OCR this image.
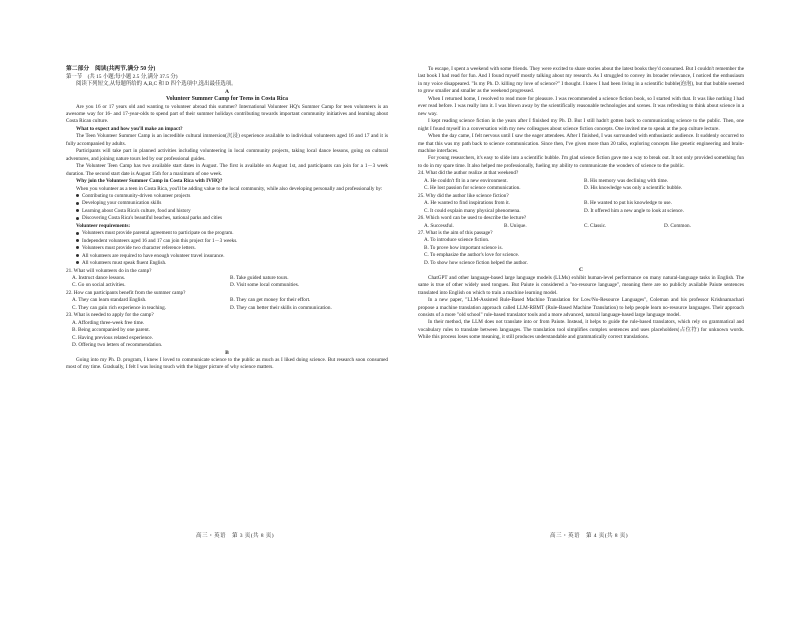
第二部分　阅读(共两节,满分 50 分)

第一节　(共 15 小题;每小题 2.5 分,满分 37.5 分)

阅读下列短文,从每题所给的 A,B,C 和 D 四个选项中,选出最佳选项。

A

Volunteer Summer Camp for Teens in Costa Rica

Are you 16 or 17 years old and wanting to volunteer abroad this summer? International Volunteer HQ's Summer Camp for teen volunteers is an awesome way for 16- and 17-year-olds to spend part of their summer holidays contributing towards important community initiatives and learning about Costa Rican culture.

What to expect and how you'll make an impact?

The Teen Volunteer Summer Camp is an incredible cultural immersion(沉浸) experience available to individual volunteers aged 16 and 17 and it is fully accompanied by adults.

Participants will take part in planned activities including volunteering in local community projects, taking local dance lessons, going on cultural adventures, and joining nature tours led by our professional guides.

The Volunteer Teen Camp has two available start dates in August. The first is available on August 1st, and participants can join for a 1－3 week duration. The second start date is August 15th for a maximum of one week.

Why join the Volunteer Summer Camp in Costa Rica with IVHQ?

When you volunteer as a teen in Costa Rica, you'll be adding value to the local community, while also developing personally and professionally by:

Contributing to community-driven volunteer projects
Developing your communication skills
Learning about Costa Rica's culture, food and history
Discovering Costa Rica's beautiful beaches, national parks and cities

Volunteer requirements:

Volunteers must provide parental agreement to participate on the program.
Independent volunteers aged 16 and 17 can join this project for 1－3 weeks.
Volunteers must provide two character reference letters.
All volunteers are required to have enough volunteer travel insurance.
All volunteers must speak fluent English.

21. What will volunteers do in the camp?

A. Instruct dance lessons.	B. Take guided nature tours.
C. Go on social activities.	D. Visit some local communities.

22. How can participants benefit from the summer camp?

A. They can learn standard English.	B. They can get money for their effort.
C. They can gain rich experience in teaching.	D. They can better their skills in communication.

23. What is needed to apply for the camp?

A. Affording three-week free time.

B. Being accompanied by one parent.

C. Having previous related experience.

D. Offering two letters of recommendation.

B

Going into my Ph. D. program, I knew I loved to communicate science to the public as much as I liked doing science. But research soon consumed most of my time. Gradually, I felt I was losing touch with the bigger picture of why science matters.

To escape, I spent a weekend with some friends. They were excited to share stories about the latest books they'd consumed. But I couldn't remember the last book I had read for fun. And I found myself mostly talking about my research. As I struggled to convey its broader relevance, I noticed the enthusiasm in my voice disappeared. "Is my Ph. D. killing my love of science?" I thought. I knew I had been living in a scientific bubble(泡泡), but that bubble seemed to grow smaller and smaller as the weekend progressed.

When I returned home, I resolved to read more for pleasure. I was recommended a science fiction book, so I started with that. It was like nothing I had ever read before. I was really into it. I was blown away by the scientifically reasonable technologies and scenes. It was refreshing to think about science in a new way.

I kept reading science fiction in the years after I finished my Ph. D. But I still hadn't gotten back to communicating science to the public. Then, one night I found myself in a conversation with my new colleagues about science fiction concepts. One invited me to speak at the pop culture lecture.

When the day came, I felt nervous until I saw the eager attendees. After I finished, I was surrounded with enthusiastic audience. It suddenly occurred to me that this was my path back to science communication. Since then, I've given more than 20 talks, exploring concepts like genetic engineering and brain-machine interfaces.

For young researchers, it's easy to slide into a scientific bubble. I'm glad science fiction gave me a way to break out. It not only provided something fun to do in my spare time. It also helped me professionally, fueling my ability to communicate the wonders of science to the public.

24. What did the author realize at that weekend?

A. He couldn't fit in a new environment.	B. His memory was declining with time.
C. He lost passion for science communication.	D. His knowledge was only a scientific bubble.

25. Why did the author like science fiction?

A. He wanted to find inspirations from it.	B. He wanted to put his knowledge to use.
C. It could explain many physical phenomena.	D. It offered him a new angle to look at science.

26. Which word can be used to describe the lecture?

A. Successful.	B. Unique.	C. Classic.	D. Common.

27. What is the aim of this passage?

A. To introduce science fiction.

B. To prove how important science is.

C. To emphasize the author's love for science.

D. To show how science fiction helped the author.

C

ChatGPT and other language-based large language models (LLMs) exhibit human-level performance on many natural-language tasks in English. The same is true of other widely used tongues. But Paiute is considered a "no-resource language", meaning there are no publicly available Paiute sentences translated into English on which to train a machine learning model.

In a new paper, "LLM-Assisted Rule-Based Machine Translation for Low/No-Resource Languages", Coleman and his professor Krishnamachari propose a machine translation approach called LLM-RBMT (Rule-Based Machine Translation) to help people learn no-resource languages. Their approach consists of a more "old school" rule-based translator tools and a more advanced, natural language-based large language model.

In their method, the LLM does not translate into or from Paiute. Instead, it helps to guide the rule-based translators, which rely on grammatical and vocabulary rules to translate between languages. The translation tool simplifies complex sentences and uses placeholders(占位符) for unknown words. While this process loses some meaning, it still produces understandable and grammatically correct translations.

高三・英语　第 3 页(共 8 页)	高三・英语　第 4 页(共 8 页)
